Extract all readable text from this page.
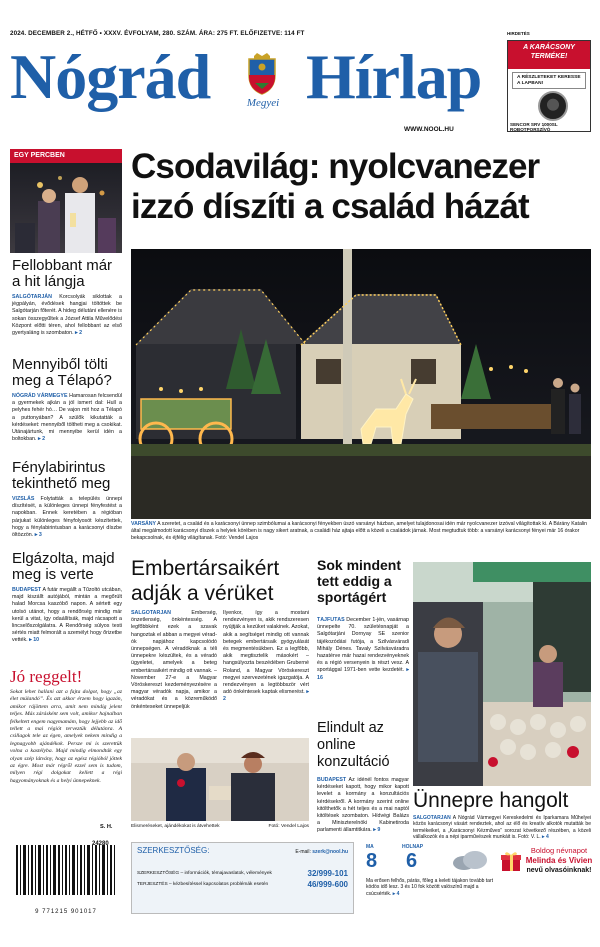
2024. DECEMBER 2., HÉTFŐ • XXXV. ÉVFOLYAM, 280. SZÁM. ÁRA: 275 FT. ELŐFIZETVE: 114 FT
Nógrád	Megyei Hírlap
WWW.NOOL.HU
HIRDETÉS
A KARÁCSONY TERMÉKE!
A RÉSZLETEKET KERESSE A LAPBAN!
SENCOR SRV 1000SL ROBOTPORSZÍVÓ
EGY PERCBEN
Fellobbant már a hit lángja
SALGÓTARJÁN Korcsolyák siklottak a jégpályán, évődések hangjai töltöttek be Salgótarján főterét. A hideg délutáni ellenére is sokan összegyűltek a József Attila Művelődési Központ előtti téren, ahol fellobbant az első gyertyaláng is szombaton. ▸ 2
Mennyiből tölti meg a Télapó?
NÓGRÁD VÁRMEGYE Hamarosan felcsendül a gyermekek ajkán a jól ismert dal: Hull a pelyhes fehér hó… De vajon mit hoz a Télapó a puttonyában? A szülők kikutatták a kérdéseket: mennyiből töltheti meg a csokikat. Utánajártunk, mi mennyibe kerül idén a boltokban. ▸ 2
Fénylabirintus tekinthető meg
VIZSLÁS Folytatták a település ünnepi díszítését, a különleges ünnepi fényfestést a napokban. Ennek keretében a régióban párjukat különleges fényfolyosót készítettek, hogy a fénylabirintusban a karácsonyi díszbe öltözzön. ▸ 3
Elgázolta, majd meg is verte
BUDAPEST A futár megállt a Tűzoltó utcában, majd kiszállt autójából, mintán a megőrült halad Morcsa kaszóbő napon. A sértett egy utolsó utánot, hogy a rendőrség mindig már kerül a vitat, így odaállítsák, majd rácsapott a lincselőszolgálatra. A Rendőrség súlyos testi sértés miatt felmorált a személyt hogy őrizetbe vették. ▸ 10
Jó reggelt!
Sokat lehet hallani azt a fajta dolgot, hogy „az élet múlandó”. És azt akkor érzem hogy igazán, amikor rájöttem arra, amit nem mindig jelent teljes. Más zárásként sem volt, amikor hajnalban felkeltett engem nagymamám, hogy lejjebb az idő tellett a mai régiót terveztük délutánra. A csillagok tele az égen, amelyek nekem mindig a legnagyobb ajándékok. Persze mi is szerettük volna a kastélyba. Majd mindig elmondták egy olyan szép látvány, hogy az egész régióból jöttek az égre. Most már régről ezzel sem is tudom, milyen régi dolgokat kellett a régi hagyományoknak és a helyi ünnepeknek.
S. H.
Csodavilág: nyolcvanezer izzó díszíti a család házát
VARSÁNY A szeretet, a család és a karácsonyi ünnep szimbólumai a karácsonyi fényekben úszó varsányi házban, amelyet tulajdonosai idén már nyolcvanezer izzóval világítottak ki. A Bárány Katalin által megálmodott karácsonyi díszek a helyiek körében is nagy sikert aratnak, a családi ház ajtaja előtt a közeli a családok járnak. Most megtudtuk több: a varsányi karácsonyi fényei már 16 órakor bekapcsolnak, és éjfélig világítanak. Fotó: Vendel Lajos
Embertársaikért adják a vérüket
SALGÓTARJÁN	Emberség, önzetlenség, önkéntesség. A legfőbbként ezek a szavak hangoztak el abban a megyei véradók napjához kapcsolódó ünnepségen. A véradóknak a téli ünnepekre készültek, és a véradó ügyeletei, amelyek a beteg embertársaikért mindig ott vannak. – November 27-e a Magyar Vöröskereszt kezdeményezésére a magyar véradók napja, amikor a véradókat és a közreműködő önkénteseket ünnepeljük
Ilyenkor, így a mostani rendezvényen is, akik rendszeresen nyújtják a kezüket valakinek. Azokat, akik a segítséget mindig ott vannak betegek embertársaik gyógyulását és megmentésükben. Ez a legfőbb, akik megtisztelik másokért – hangsúlyozta beszédében Gruberné Roland, a Magyar Vöröskereszt megyei szervezetének igazgatója. A rendezvényen a legtöbbször vért adó önkéntesek kaptak elismerést. ▸ 2
Elismeréseket, ajándékokat is átvehettek	Fotó: Vendel Lajos
Sok mindent tett eddig a sportágért
TÁJFUTÁS December 1-jén, vasárnap ünnepelte 70. születésnapját a Salgótarjáni Dornyay SE szenior tájékozódási futója, a Szilvásváradi Mihály Dénes. Tavaly Szilvásváradra hazatérve már hazai rendezvényeknek és a régió versenyein is részt vesz. A sportággal 1971-ben vette kezdetét. ▸ 16
Elindult az online konzultáció
BUDAPEST Az idénél fontos magyar kérdéseket kapott, hogy mikor kapott levelet a kormány a konzultációs kérdésekről. A kormány szerint online kitölthetők a hét teljes és a mai naptól kitöltések szombaton. Hídvégi Balázs a Miniszterelnöki Kabinetiroda parlamenti államtitkára. ▸ 9
Ünnepre hangolt
SALGÓTARJÁN A Nógrád Vármegyei Kereskedelmi és Iparkamara Műhelyei közös karácsonyi vásárt rendeztek, ahol az élő és kreatív alkotók mutatták be termékeiket, a „Karácsonyi Kézműves” sorozat következő részében, a közeli vállalkozók és a népi iparművészek munkáit is. Fotó: V. L. ▸ 4
24280
9 771215 901017
SZERKESZTŐSÉG:	E-mail: szerk@nool.hu
SZERKESZTŐSÉG – információk, témajavaslatok, vélemények	32/999-101
TERJESZTÉS – kézbesítéssel kapcsolatos problémák esetén	46/999-600
MA
8
HOLNAP
6
Ma erősen felhős, párás, főleg a keleti tájakon tovább tart ködös idő lesz. 3 és 10 fok között valószínű majd a csúcsérték. ▸ 4
Boldog névnapot
Melinda és Vivien
nevű olvasóinknak!
